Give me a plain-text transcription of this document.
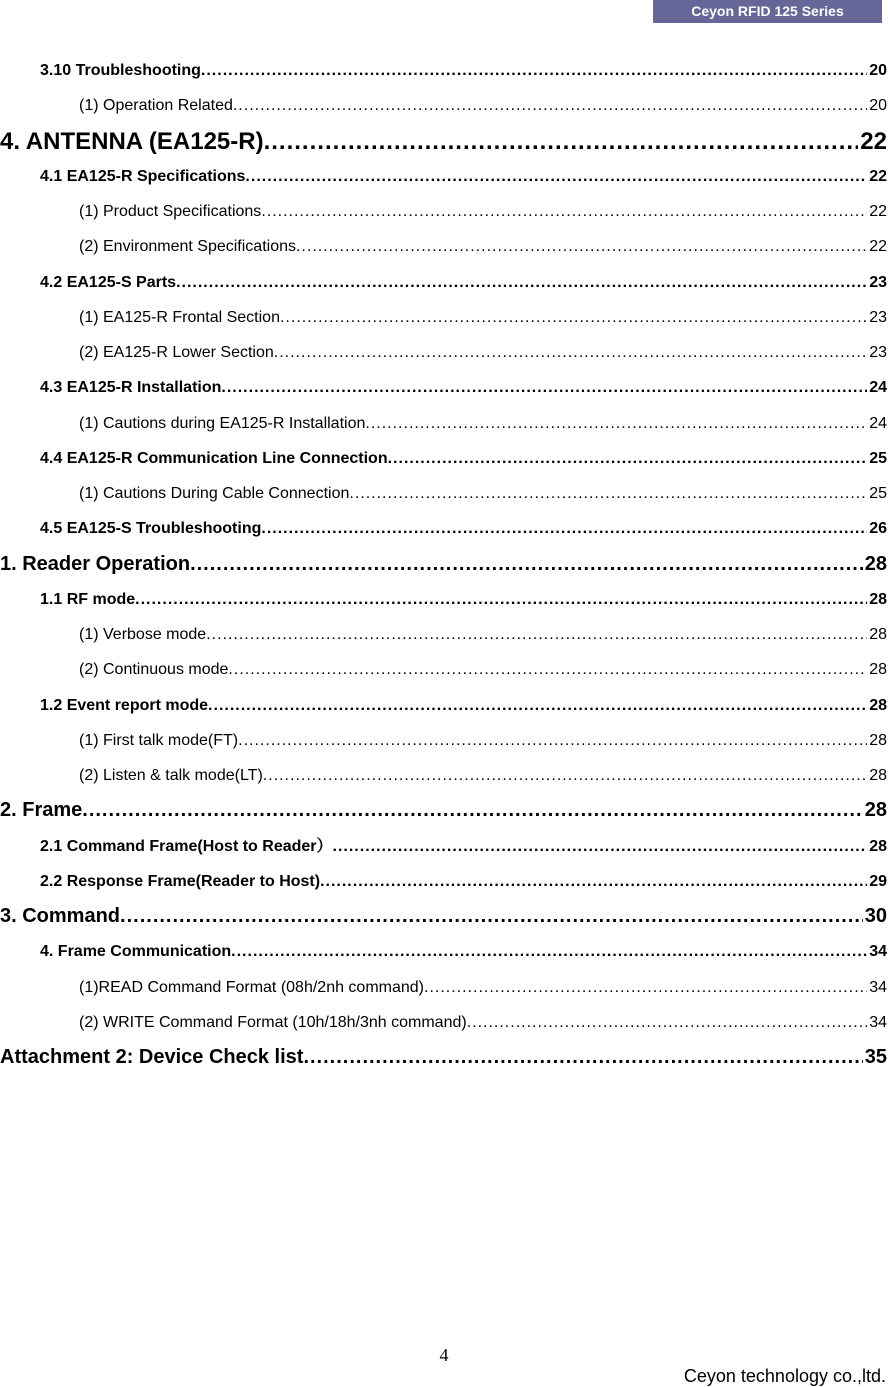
Ceyon RFID 125 Series
3.10 Troubleshooting .....	20
(1) Operation Related .....	20
4. ANTENNA (EA125-R) .....	22
4.1 EA125-R Specifications .....	22
(1) Product Specifications .....	22
(2) Environment Specifications .....	22
4.2 EA125-S Parts .....	23
(1) EA125-R Frontal Section .....	23
(2) EA125-R Lower Section .....	23
4.3 EA125-R Installation .....	24
(1) Cautions during EA125-R Installation .....	24
4.4 EA125-R Communication Line Connection .....	25
(1) Cautions During Cable Connection .....	25
4.5 EA125-S Troubleshooting .....	26
1. Reader Operation .....	28
1.1 RF mode .....	28
(1) Verbose mode .....	28
(2) Continuous mode .....	28
1.2 Event report mode .....	28
(1) First talk mode(FT) .....	28
(2) Listen & talk mode(LT) .....	28
2. Frame .....	28
2.1 Command Frame(Host to Reader） .....	28
2.2 Response Frame(Reader to Host) .....	29
3. Command .....	30
4. Frame Communication .....	34
(1)READ Command Format (08h/2nh command) .....	34
(2) WRITE Command Format (10h/18h/3nh command) .....	34
Attachment 2: Device Check list .....	35
4
Ceyon technology co.,ltd.
